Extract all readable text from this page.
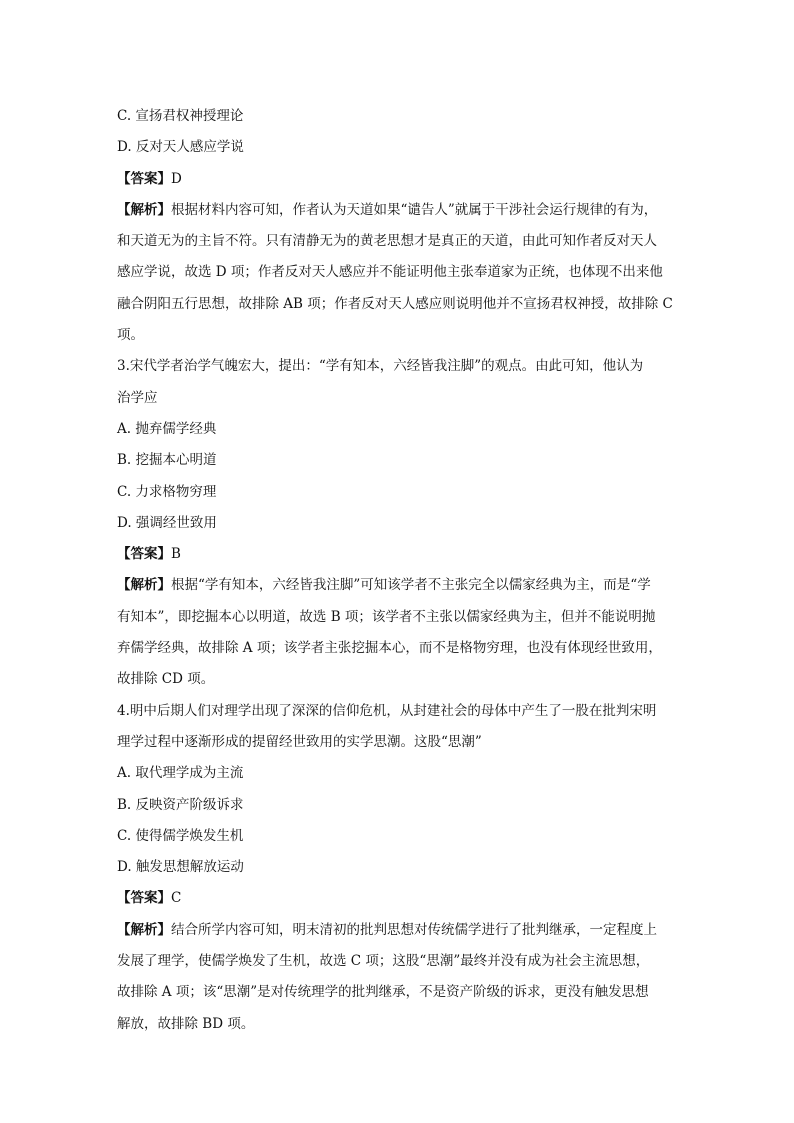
C. 宣扬君权神授理论
D. 反对天人感应学说
【答案】D
【解析】根据材料内容可知，作者认为天道如果“谴告人”就属于干涉社会运行规律的有为，
和天道无为的主旨不符。只有清静无为的黄老思想才是真正的天道，由此可知作者反对天人
感应学说，故选 D 项；作者反对天人感应并不能证明他主张奉道家为正统，也体现不出来他
融合阴阳五行思想，故排除 AB 项；作者反对天人感应则说明他并不宣扬君权神授，故排除 C
项。
3.宋代学者治学气魄宏大，提出：“学有知本，六经皆我注脚”的观点。由此可知，他认为
治学应
A. 抛弃儒学经典
B. 挖掘本心明道
C. 力求格物穷理
D. 强调经世致用
【答案】B
【解析】根据“学有知本，六经皆我注脚”可知该学者不主张完全以儒家经典为主，而是“学
有知本”，即挖掘本心以明道，故选 B 项；该学者不主张以儒家经典为主，但并不能说明抛
弃儒学经典，故排除 A 项；该学者主张挖掘本心，而不是格物穷理，也没有体现经世致用，
故排除 CD 项。
4.明中后期人们对理学出现了深深的信仰危机，从封建社会的母体中产生了一股在批判宋明
理学过程中逐渐形成的提留经世致用的实学思潮。这股“思潮”
A. 取代理学成为主流
B. 反映资产阶级诉求
C. 使得儒学焕发生机
D. 触发思想解放运动
【答案】C
【解析】结合所学内容可知，明末清初的批判思想对传统儒学进行了批判继承，一定程度上
发展了理学，使儒学焕发了生机，故选 C 项；这股“思潮”最终并没有成为社会主流思想，
故排除 A 项；该“思潮”是对传统理学的批判继承，不是资产阶级的诉求，更没有触发思想
解放，故排除 BD 项。
